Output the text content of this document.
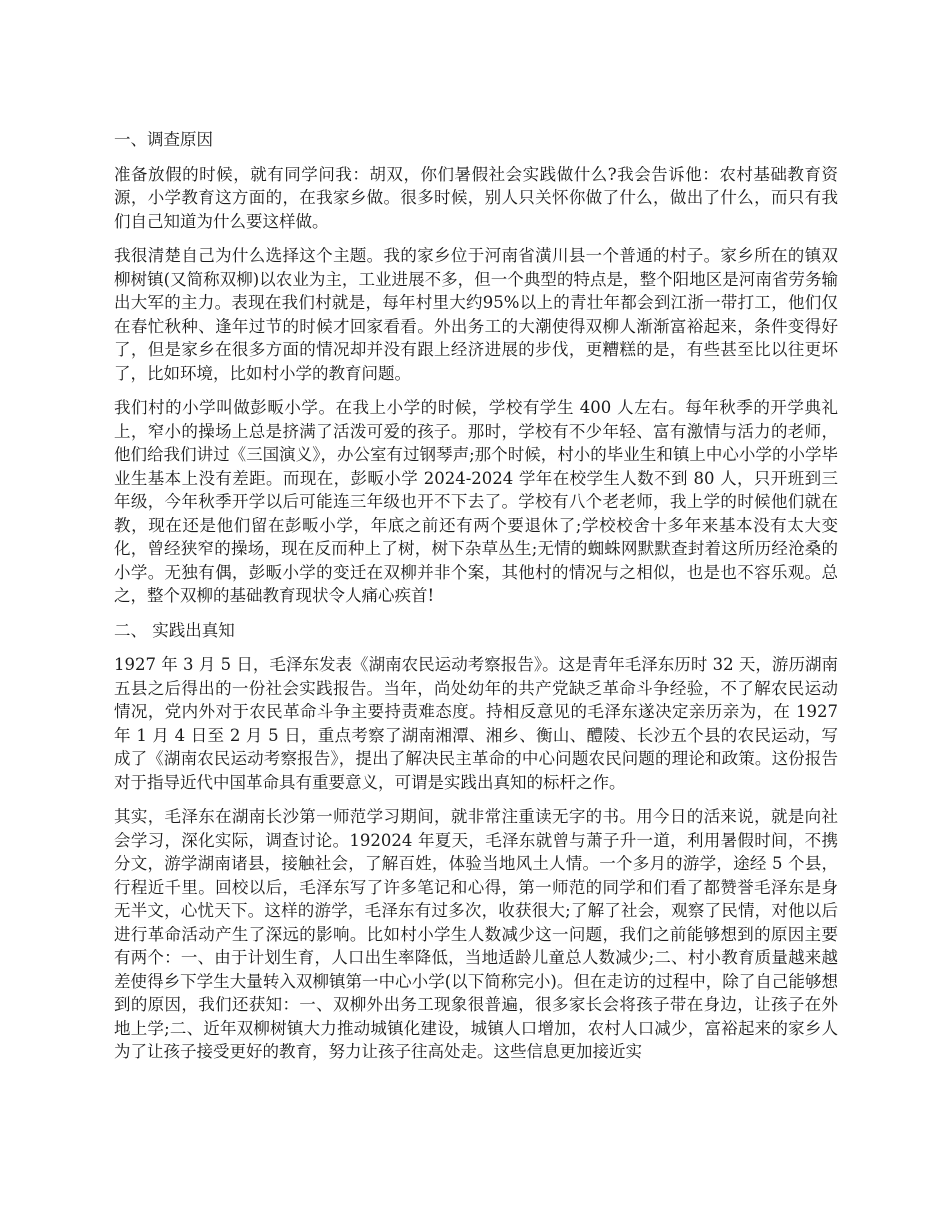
一、调查原因

准备放假的时候，就有同学问我：胡双，你们暑假社会实践做什么?我会告诉他：农村基础教育资源，小学教育这方面的，在我家乡做。很多时候，别人只关怀你做了什么，做出了什么，而只有我们自己知道为什么要这样做。

我很清楚自己为什么选择这个主题。我的家乡位于河南省潢川县一个普通的村子。家乡所在的镇双柳树镇(又简称双柳)以农业为主，工业进展不多，但一个典型的特点是，整个阳地区是河南省劳务输出大军的主力。表现在我们村就是，每年村里大约95%以上的青壮年都会到江浙一带打工，他们仅在春忙秋种、逢年过节的时候才回家看看。外出务工的大潮使得双柳人渐渐富裕起来，条件变得好了，但是家乡在很多方面的情况却并没有跟上经济进展的步伐，更糟糕的是，有些甚至比以往更坏了，比如环境，比如村小学的教育问题。

我们村的小学叫做彭畈小学。在我上小学的时候，学校有学生 400 人左右。每年秋季的开学典礼上，窄小的操场上总是挤满了活泼可爱的孩子。那时，学校有不少年轻、富有激情与活力的老师，他们给我们讲过《三国演义》，办公室有过钢琴声;那个时候，村小的毕业生和镇上中心小学的小学毕业生基本上没有差距。而现在，彭畈小学 2024-2024 学年在校学生人数不到 80 人，只开班到三年级，今年秋季开学以后可能连三年级也开不下去了。学校有八个老老师，我上学的时候他们就在教，现在还是他们留在彭畈小学，年底之前还有两个要退休了;学校校舍十多年来基本没有太大变化，曾经狭窄的操场，现在反而种上了树，树下杂草丛生;无情的蜘蛛网默默查封着这所历经沧桑的小学。无独有偶，彭畈小学的变迁在双柳并非个案，其他村的情况与之相似，也是也不容乐观。总之，整个双柳的基础教育现状令人痛心疾首!

二、 实践出真知

1927 年 3 月 5 日，毛泽东发表《湖南农民运动考察报告》。这是青年毛泽东历时 32 天，游历湖南五县之后得出的一份社会实践报告。当年，尚处幼年的共产党缺乏革命斗争经验，不了解农民运动情况，党内外对于农民革命斗争主要持责难态度。持相反意见的毛泽东遂决定亲历亲为，在 1927 年 1 月 4 日至 2 月 5 日，重点考察了湖南湘潭、湘乡、衡山、醴陵、长沙五个县的农民运动，写成了《湖南农民运动考察报告》，提出了解决民主革命的中心问题农民问题的理论和政策。这份报告对于指导近代中国革命具有重要意义，可谓是实践出真知的标杆之作。

其实，毛泽东在湖南长沙第一师范学习期间，就非常注重读无字的书。用今日的活来说，就是向社会学习，深化实际，调查讨论。192024 年夏天，毛泽东就曾与萧子升一道，利用暑假时间，不携分文，游学湖南诸县，接触社会，了解百姓，体验当地风土人情。一个多月的游学，途经 5 个县，行程近千里。回校以后，毛泽东写了许多笔记和心得，第一师范的同学和们看了都赞誉毛泽东是身无半文，心忧天下。这样的游学，毛泽东有过多次，收获很大;了解了社会，观察了民情，对他以后进行革命活动产生了深远的影响。比如村小学生人数减少这一问题，我们之前能够想到的原因主要有两个：一、由于计划生育，人口出生率降低，当地适龄儿童总人数减少;二、村小教育质量越来越差使得乡下学生大量转入双柳镇第一中心小学(以下简称完小)。但在走访的过程中，除了自己能够想到的原因，我们还获知：一、双柳外出务工现象很普遍，很多家长会将孩子带在身边，让孩子在外地上学;二、近年双柳树镇大力推动城镇化建设，城镇人口增加，农村人口减少，富裕起来的家乡人为了让孩子接受更好的教育，努力让孩子往高处走。这些信息更加接近实
